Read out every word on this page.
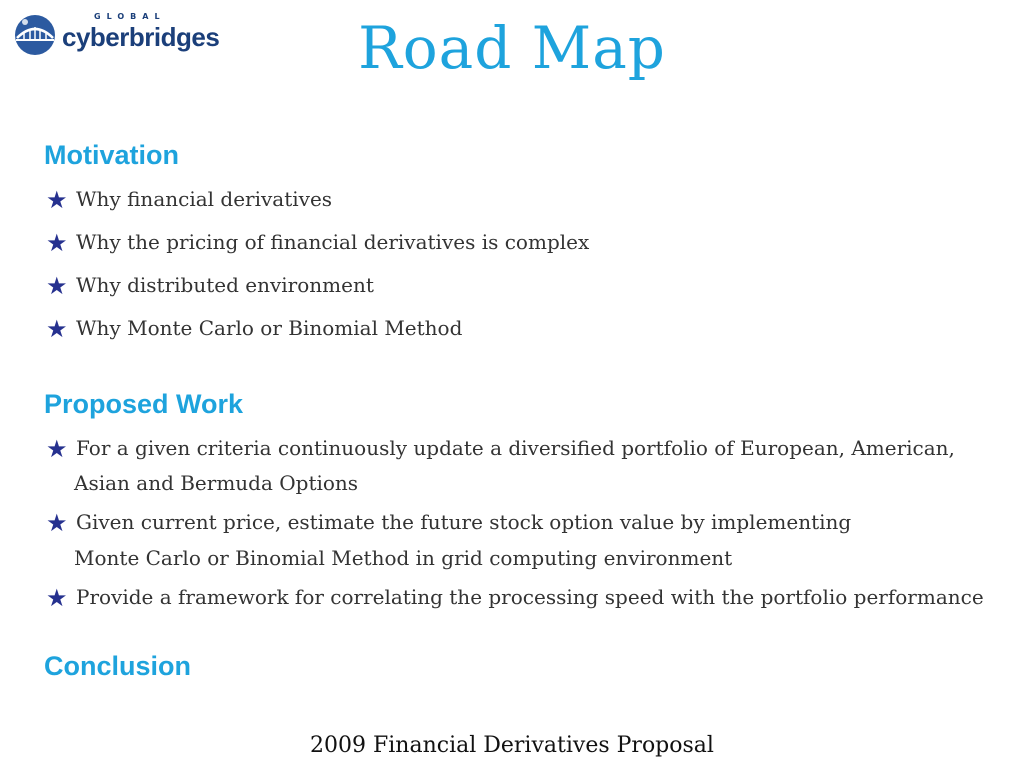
GLOBAL
cyberbridges	Road Map
Motivation
★ Why financial derivatives
★ Why the pricing of financial derivatives is complex
★ Why distributed environment
★ Why Monte Carlo or Binomial Method
Proposed Work
★ For a given criteria continuously update a diversified portfolio of European, American,
Asian and Bermuda Options
★ Given current price, estimate the future stock option value by implementing
Monte Carlo or Binomial Method in grid computing environment
★ Provide a framework for correlating the processing speed with the portfolio performance
Conclusion
2009 Financial Derivatives Proposal
